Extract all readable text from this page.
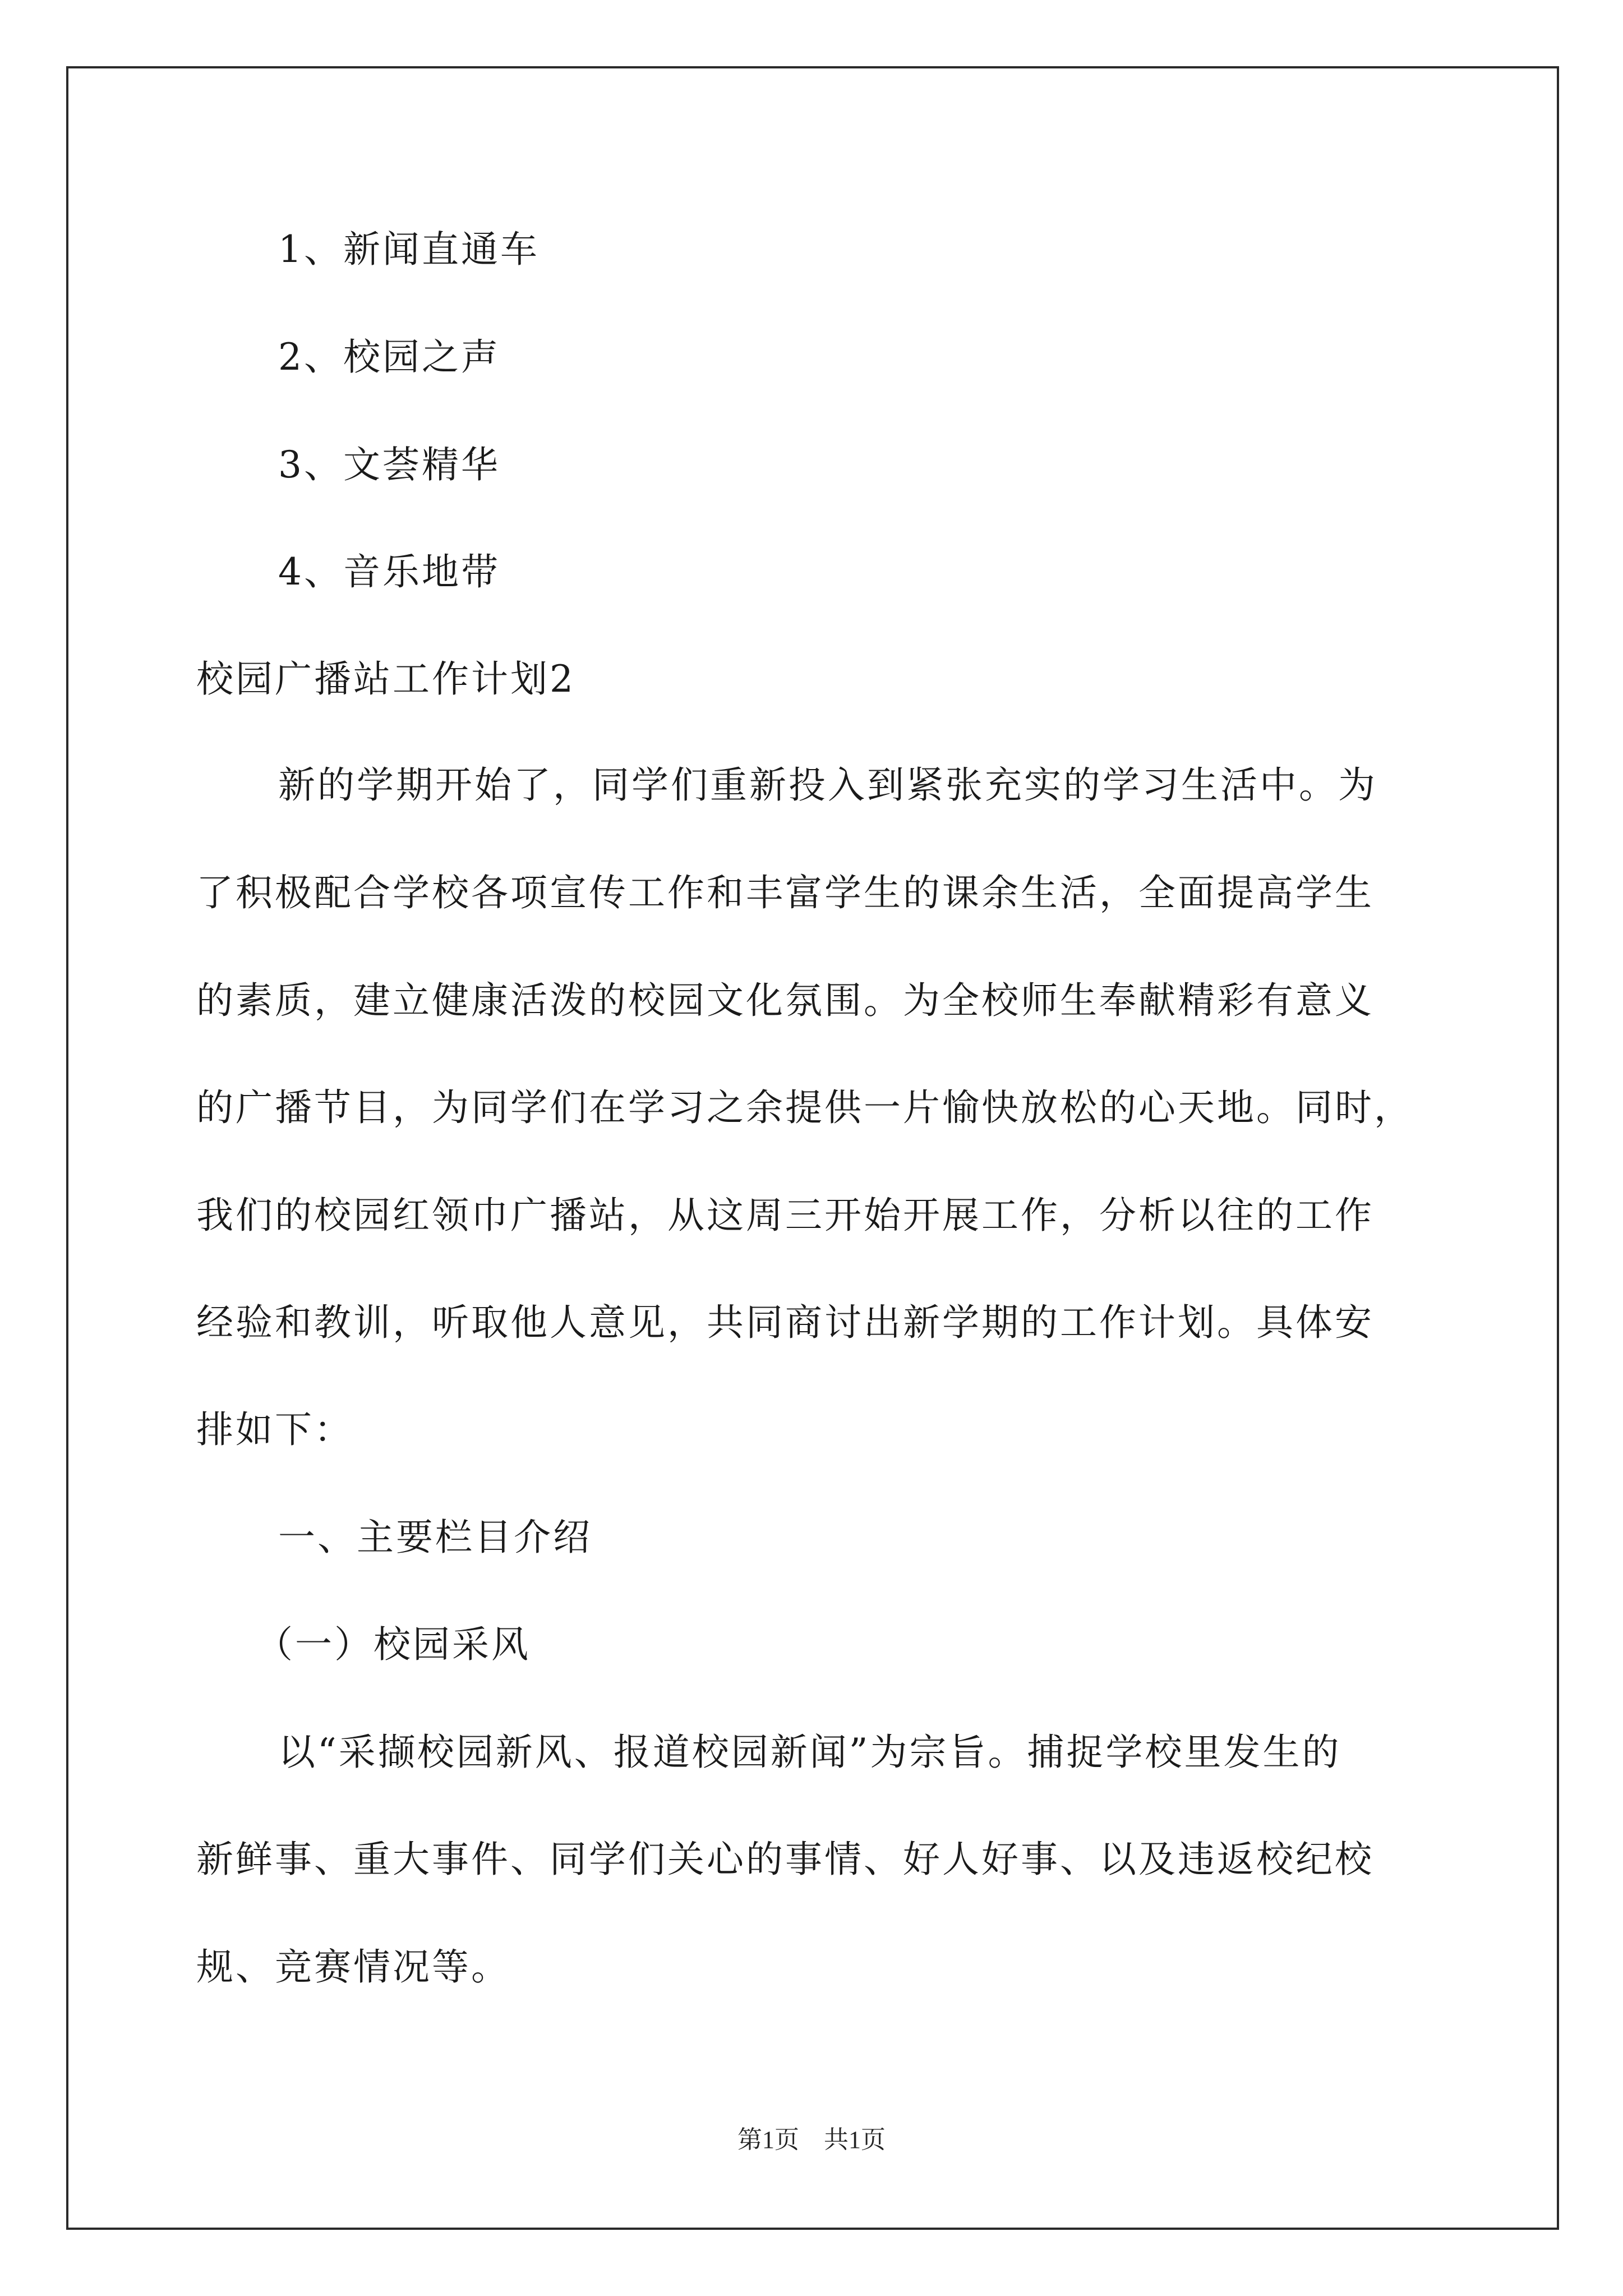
1、新闻直通车

2、校园之声

3、文荟精华

4、音乐地带

校园广播站工作计划2

新的学期开始了，同学们重新投入到紧张充实的学习生活中。为

了积极配合学校各项宣传工作和丰富学生的课余生活，全面提高学生

的素质，建立健康活泼的校园文化氛围。为全校师生奉献精彩有意义

的广播节目，为同学们在学习之余提供一片愉快放松的心天地。同时，

我们的校园红领巾广播站，从这周三开始开展工作，分析以往的工作

经验和教训，听取他人意见，共同商讨出新学期的工作计划。具体安

排如下：

一、主要栏目介绍

（一）校园采风

以“采撷校园新风、报道校园新闻”为宗旨。捕捉学校里发生的

新鲜事、重大事件、同学们关心的事情、好人好事、以及违返校纪校

规、竞赛情况等。

第1页　共1页
